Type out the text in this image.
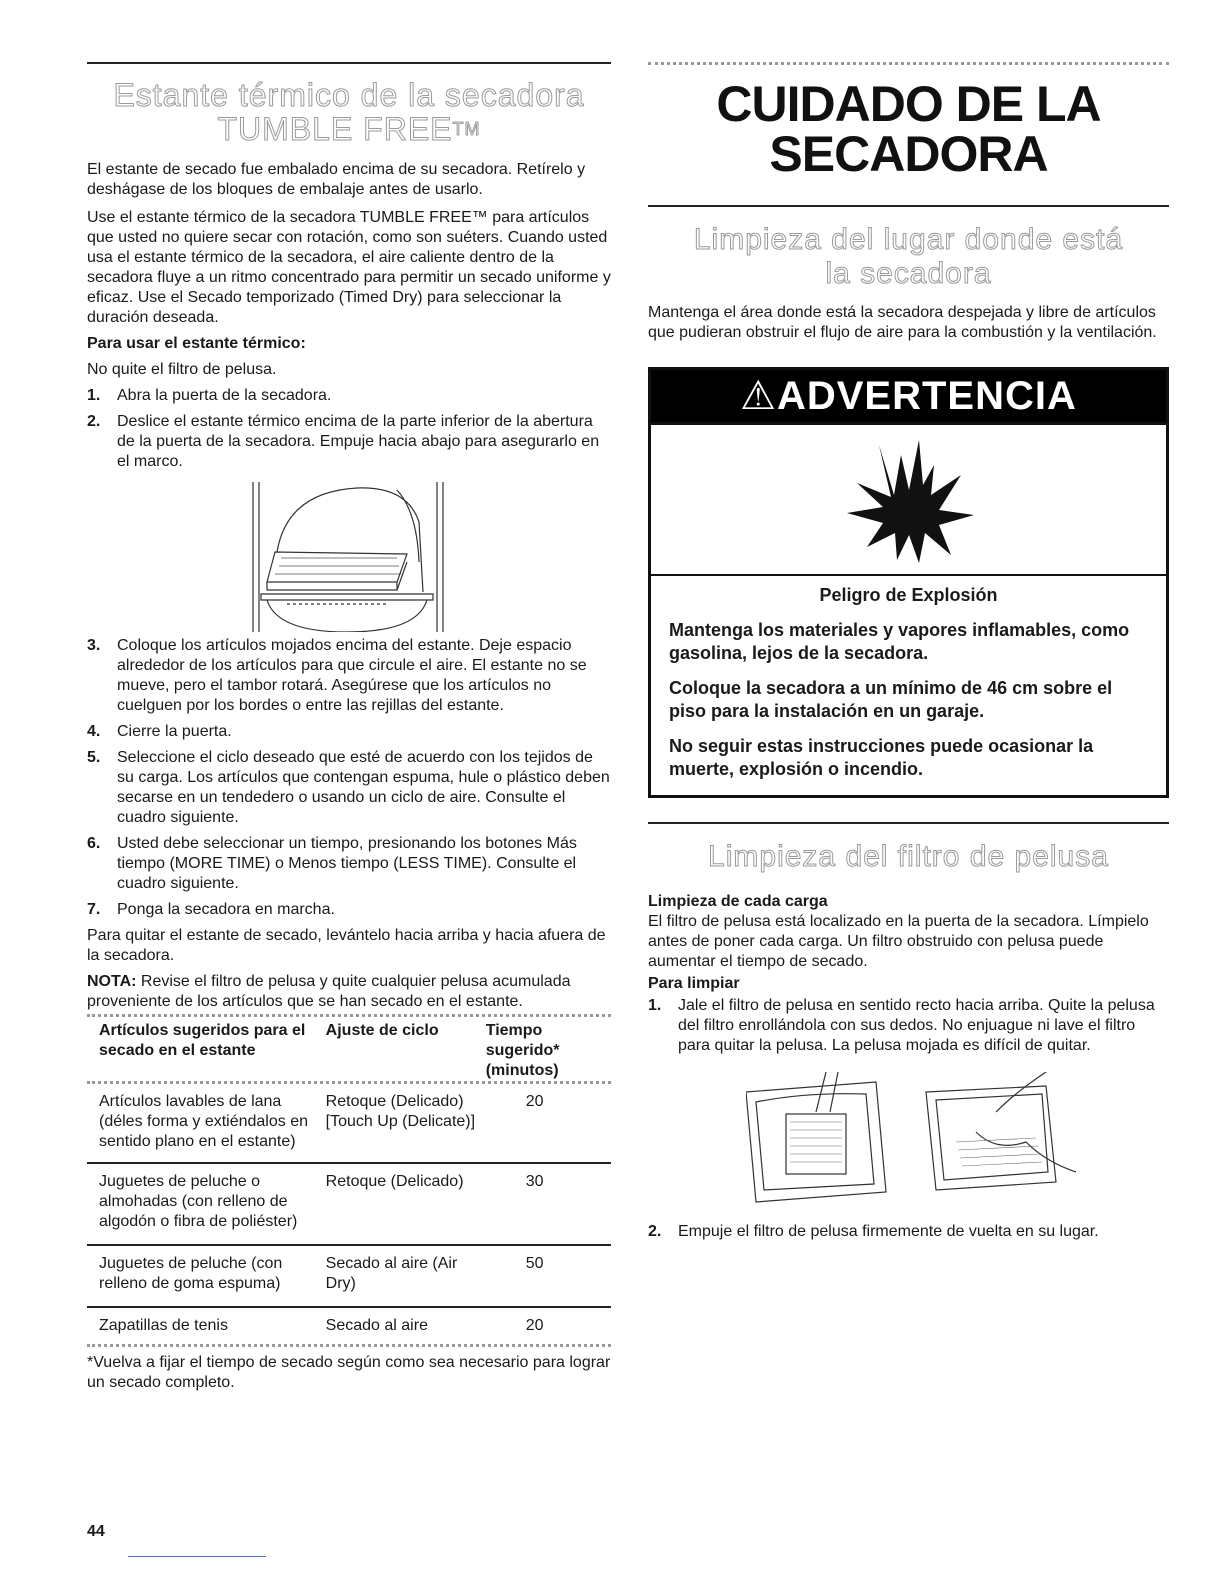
Estante térmico de la secadora
TUMBLE FREE™

El estante de secado fue embalado encima de su secadora. Retírelo y deshágase de los bloques de embalaje antes de usarlo.

Use el estante térmico de la secadora TUMBLE FREE™ para artículos que usted no quiere secar con rotación, como son suéters. Cuando usted usa el estante térmico de la secadora, el aire caliente dentro de la secadora fluye a un ritmo concentrado para permitir un secado uniforme y eficaz. Use el Secado temporizado (Timed Dry) para seleccionar la duración deseada.

Para usar el estante térmico:

No quite el filtro de pelusa.

1. Abra la puerta de la secadora.
2. Deslice el estante térmico encima de la parte inferior de la abertura de la puerta de la secadora. Empuje hacia abajo para asegurarlo en el marco.
3. Coloque los artículos mojados encima del estante. Deje espacio alrededor de los artículos para que circule el aire. El estante no se mueve, pero el tambor rotará. Asegúrese que los artículos no cuelguen por los bordes o entre las rejillas del estante.
4. Cierre la puerta.
5. Seleccione el ciclo deseado que esté de acuerdo con los tejidos de su carga. Los artículos que contengan espuma, hule o plástico deben secarse en un tendedero o usando un ciclo de aire. Consulte el cuadro siguiente.
6. Usted debe seleccionar un tiempo, presionando los botones Más tiempo (MORE TIME) o Menos tiempo (LESS TIME). Consulte el cuadro siguiente.
7. Ponga la secadora en marcha.

Para quitar el estante de secado, levántelo hacia arriba y hacia afuera de la secadora.

NOTA: Revise el filtro de pelusa y quite cualquier pelusa acumulada proveniente de los artículos que se han secado en el estante.

Artículos sugeridos para el secado en el estante	Ajuste de ciclo	Tiempo sugerido* (minutos)

Artículos lavables de lana (déles forma y extiéndalos en sentido plano en el estante)	Retoque (Delicado) [Touch Up (Delicate)]	20
Juguetes de peluche o almohadas (con relleno de algodón o fibra de poliéster)	Retoque (Delicado)	30
Juguetes de peluche (con relleno de goma espuma)	Secado al aire (Air Dry)	50
Zapatillas de tenis	Secado al aire	20

*Vuelva a fijar el tiempo de secado según como sea necesario para lograr un secado completo.

CUIDADO DE LA
SECADORA
Limpieza del lugar donde está
la secadora

Mantenga el área donde está la secadora despejada y libre de artículos que pudieran obstruir el flujo de aire para la combustión y la ventilación.

⚠ADVERTENCIA
Peligro de Explosión
Mantenga los materiales y vapores inflamables, como gasolina, lejos de la secadora.
Coloque la secadora a un mínimo de 46 cm sobre el piso para la instalación en un garaje.
No seguir estas instrucciones puede ocasionar la muerte, explosión o incendio.
Limpieza del filtro de pelusa

Limpieza de cada carga

El filtro de pelusa está localizado en la puerta de la secadora. Límpielo antes de poner cada carga. Un filtro obstruido con pelusa puede aumentar el tiempo de secado.

Para limpiar

1. Jale el filtro de pelusa en sentido recto hacia arriba. Quite la pelusa del filtro enrollándola con sus dedos. No enjuague ni lave el filtro para quitar la pelusa. La pelusa mojada es difícil de quitar.
2. Empuje el filtro de pelusa firmemente de vuelta en su lugar.
44
